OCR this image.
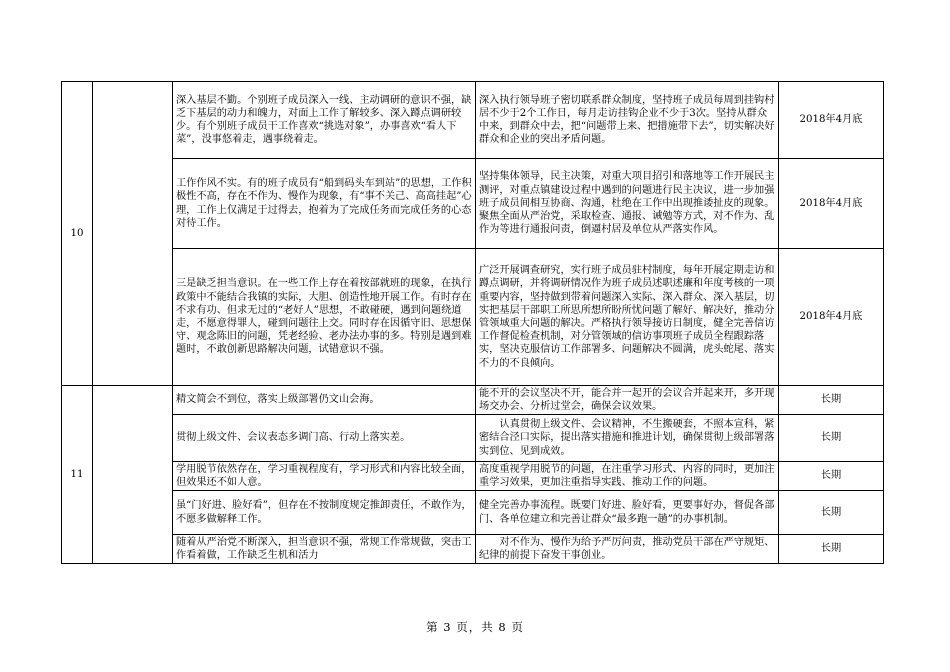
10		深入基层不勤。个别班子成员深入一线、主动调研的意识不强，缺乏下基层的动力和魄力，对面上工作了解较多、深入蹲点调研较少。有个别班子成员干工作喜欢“挑选对象”，办事喜欢“看人下菜”，没事悠着走，遇事绕着走。	深入执行领导班子密切联系群众制度，坚持班子成员每周到挂钩村居不少于2个工作日，每月走访挂钩企业不少于3次。坚持从群众中来，到群众中去，把“问题带上来、把措施带下去”，切实解决好群众和企业的突出矛盾问题。	2018年4月底

		工作作风不实。有的班子成员有“船到码头车到站”的思想，工作积极性不高，存在不作为、慢作为现象，有“事不关己、高高挂起”心理，工作上仅满足于过得去，抱着为了完成任务而完成任务的心态对待工作。	坚持集体领导，民主决策，对重大项目招引和落地等工作开展民主测评，对重点镇建设过程中遇到的问题进行民主决议，进一步加强班子成员间相互协商、沟通，杜绝在工作中出现推诿扯皮的现象。聚焦全面从严治党，采取检查、通报、诫勉等方式，对不作为、乱作为等进行通报问责，倒逼村居及单位从严落实作风。	2018年4月底

		三是缺乏担当意识。在一些工作上存在着按部就班的现象，在执行政策中不能结合我镇的实际，大胆、创造性地开展工作。有时存在不求有功、但求无过的“老好人”思想，不敢碰硬，遇到问题绕道走，不愿意得罪人，碰到问题往上交。同时存在因循守旧、思想保守、观念陈旧的问题，凭老经验、老办法办事的多。特别是遇到难题时，不敢创新思路解决问题，试错意识不强。	广泛开展调查研究，实行班子成员驻村制度，每年开展定期走访和蹲点调研，并将调研情况作为班子成员述职述廉和年度考核的一项重要内容，坚持做到带着问题深入实际、深入群众、深入基层，切实把基层干部职工所思所想所盼所忧问题了解好、解决好，推动分管领域重大问题的解决。严格执行领导接访日制度，健全完善信访工作督促检查机制，对分管领域的信访事项班子成员全程跟踪落实，坚决克服信访工作部署多、问题解决不圆满，虎头蛇尾、落实不力的不良倾向。	2018年4月底
11		精文简会不到位，落实上级部署仍文山会海。	能不开的会议坚决不开，能合并一起开的会议合并起来开，多开现场交办会、分析过堂会，确保会议效果。	长期

		贯彻上级文件、会议表态多调门高、行动上落实差。	认真贯彻上级文件、会议精神，不生搬硬套，不照本宣科，紧密结合泾口实际，提出落实措施和推进计划，确保贯彻上级部署落实到位、见到成效。	长期

		学用脱节依然存在，学习重视程度有，学习形式和内容比较全面，但效果还不如人意。	高度重视学用脱节的问题，在注重学习形式、内容的同时，更加注重学习效果，更加注重指导实践、推动工作的问题。	长期

		虽“门好进、脸好看”，但存在不按制度规定推卸责任，不敢作为，不愿多做解释工作。	健全完善办事流程。既要门好进、脸好看，更要事好办，督促各部门、各单位建立和完善让群众“最多跑一趟”的办事机制。	长期

		随着从严治党不断深入，担当意识不强，常规工作常规做，突击工作看着做，工作缺乏生机和活力	对不作为、慢作为给予严厉问责，推动党员干部在严守规矩、纪律的前提下奋发干事创业。	长期
第 3 页，共 8 页
